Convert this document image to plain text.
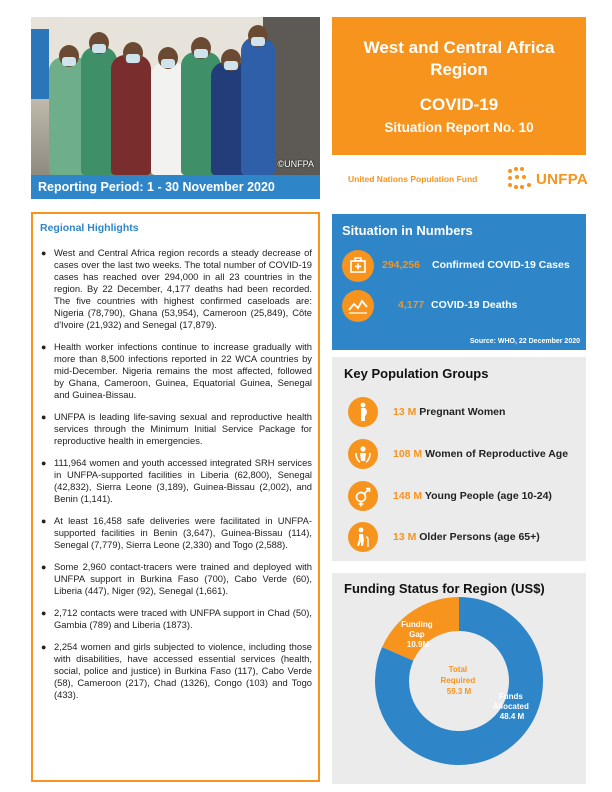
©UNFPA
Reporting Period: 1 - 30 November 2020
West and Central Africa
Region
COVID-19
Situation Report No. 10
United Nations Population Fund	UNFPA
Regional Highlights
● West and Central Africa region records a steady decrease of cases over the last two weeks. The total number of COVID-19 cases has reached over 294,000 in all 23 countries in the region. By 22 December, 4,177 deaths had been recorded. The five countries with highest confirmed caseloads are: Nigeria (78,790), Ghana (53,954), Cameroon (25,849), Côte d'Ivoire (21,932) and Senegal (17,879).
● Health worker infections continue to increase gradually with more than 8,500 infections reported in 22 WCA countries by mid-December. Nigeria remains the most affected, followed by Ghana, Cameroon, Guinea, Equatorial Guinea, Senegal and Guinea-Bissau.
● UNFPA is leading life-saving sexual and reproductive health services through the Minimum Initial Service Package for reproductive health in emergencies.
● 111,964 women and youth accessed integrated SRH services in UNFPA-supported facilities in Liberia (62,800), Senegal (42,832), Sierra Leone (3,189), Guinea-Bissau (2,002), and Benin (1,141).
● At least 16,458 safe deliveries were facilitated in UNFPA-supported facilities in Benin (3,647), Guinea-Bissau (114), Senegal (7,779), Sierra Leone (2,330) and Togo (2,588).
● Some 2,960 contact-tracers were trained and deployed with UNFPA support in Burkina Faso (700), Cabo Verde (60), Liberia (447), Niger (92), Senegal (1,661).
● 2,712 contacts were traced with UNFPA support in Chad (50), Gambia (789) and Liberia (1873).
● 2,254 women and girls subjected to violence, including those with disabilities, have accessed essential services (health, social, police and justice) in Burkina Faso (117), Cabo Verde (58), Cameroon (217), Chad (1326), Congo (103) and Togo (433).
Situation in Numbers
294,256 Confirmed COVID-19 Cases
4,177 COVID-19 Deaths
Source: WHO, 22 December 2020
Key Population Groups
13 M Pregnant Women
108 M Women of Reproductive Age
148 M Young People (age 10-24)
13 M Older Persons (age 65+)
Funding Status for Region (US$)
Funding Gap 10.9M
Funds Allocated 48.4 M
Total Required 59.3 M
